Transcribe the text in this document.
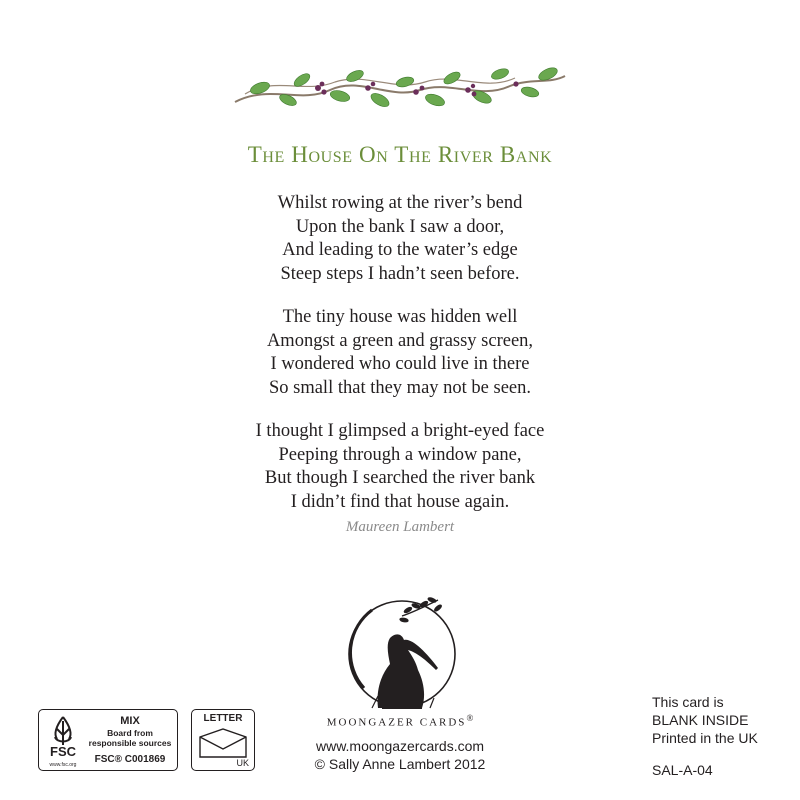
The House On The River Bank
Whilst rowing at the river’s bend
Upon the bank I saw a door,
And leading to the water’s edge
Steep steps I hadn’t seen before.
The tiny house was hidden well
Amongst a green and grassy screen,
I wondered who could live in there
So small that they may not be seen.
I thought I glimpsed a bright-eyed face
Peeping through a window pane,
But though I searched the river bank
I didn’t find that house again.
Maureen Lambert
MOONGAZER CARDS®
www.moongazercards.com
© Sally Anne Lambert 2012
FSC
www.fsc.org
MIX
Board from
responsible sources
FSC® C001869
LETTER
UK
This card is
BLANK INSIDE
Printed in the UK
SAL-A-04
